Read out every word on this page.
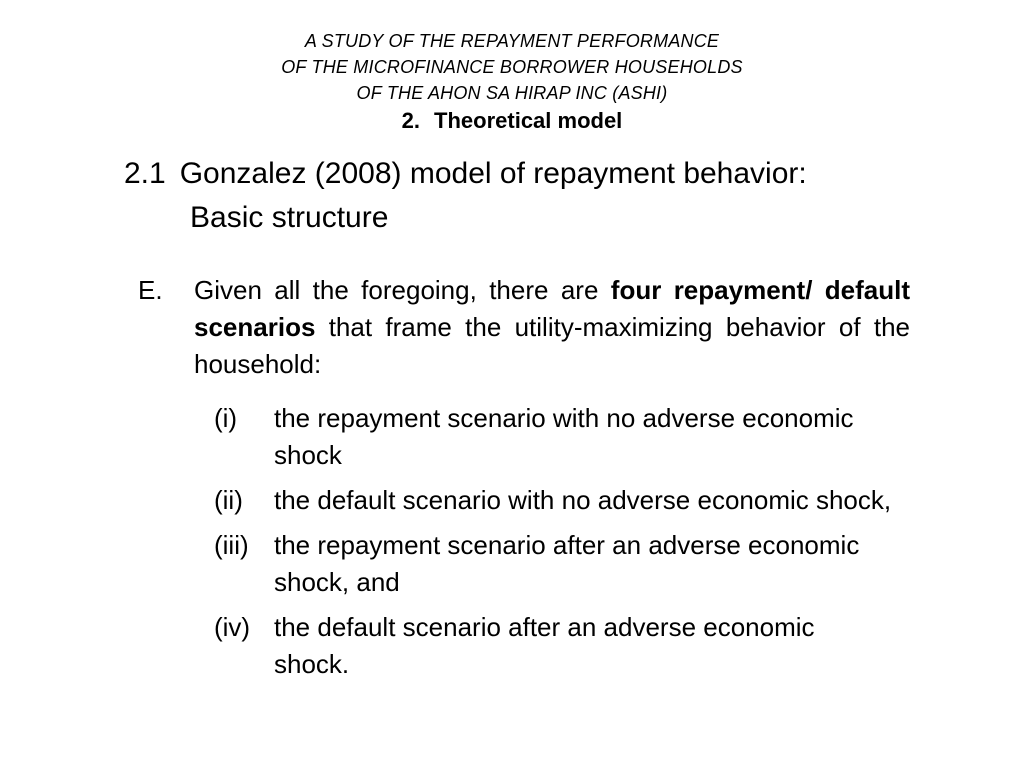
A STUDY OF THE REPAYMENT PERFORMANCE
OF THE MICROFINANCE BORROWER HOUSEHOLDS
OF THE AHON SA HIRAP INC (ASHI)
2. Theoretical model
2.1 Gonzalez (2008) model of repayment behavior:
Basic structure
E. Given all the foregoing, there are four repayment/ default scenarios that frame the utility-maximizing behavior of the household:
(i) the repayment scenario with no adverse economic shock
(ii) the default scenario with no adverse economic shock,
(iii) the repayment scenario after an adverse economic shock, and
(iv) the default scenario after an adverse economic shock.
